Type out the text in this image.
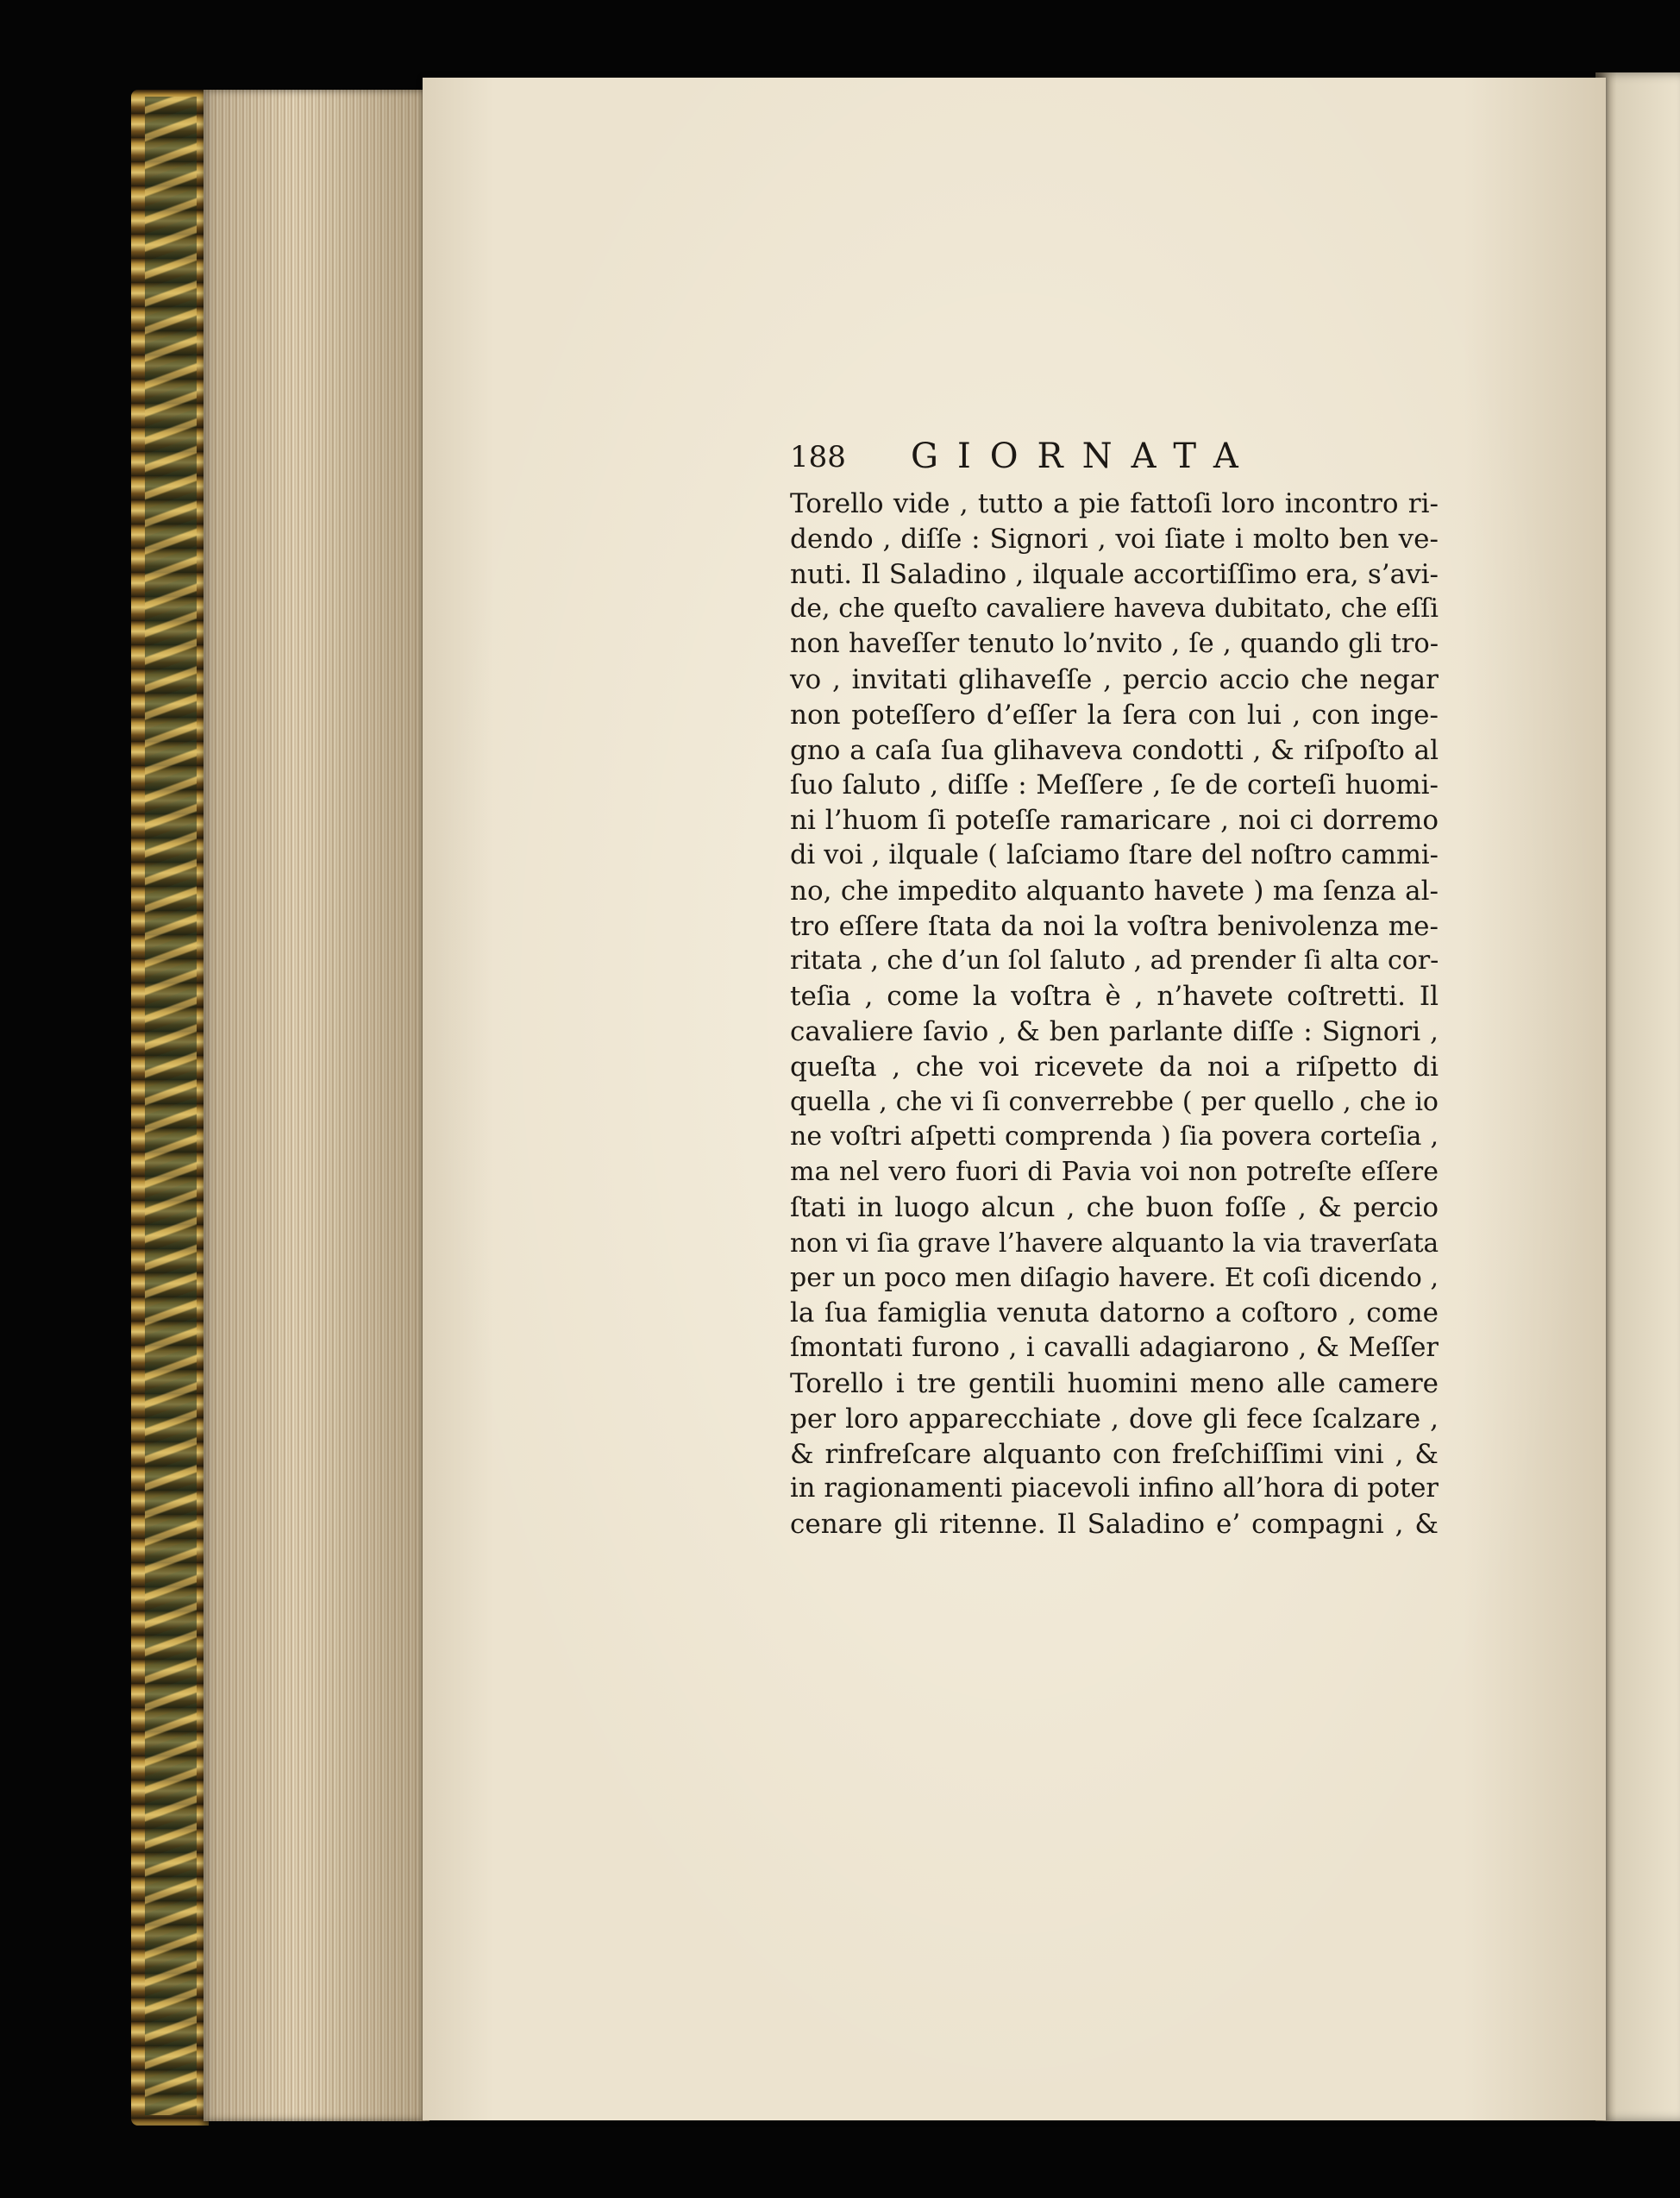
188 GIORNATA
Torello vide , tutto a pie fattoſi loro incontro ri-
dendo , diſſe : Signori , voi ſiate i molto ben ve-
nuti. Il Saladino , ilquale accortiſſimo era, s’avi-
de, che queſto cavaliere haveva dubitato, che eſſi
non haveſſer tenuto lo’nvito , ſe , quando gli tro-
vo , invitati glihaveſſe , percio accio che negar
non poteſſero d’eſſer la ſera con lui , con inge-
gno a caſa ſua glihaveva condotti , & riſpoſto al
ſuo ſaluto , diſſe : Meſſere , ſe de corteſi huomi-
ni l’huom ſi poteſſe ramaricare , noi ci dorremo
di voi , ilquale ( laſciamo ſtare del noſtro cammi-
no, che impedito alquanto havete ) ma ſenza al-
tro eſſere ſtata da noi la voſtra benivolenza me-
ritata , che d’un ſol ſaluto , ad prender ſi alta cor-
teſia , come la voſtra è , n’havete coſtretti. Il
cavaliere ſavio , & ben parlante diſſe : Signori ,
queſta , che voi ricevete da noi a riſpetto di
quella , che vi ſi converrebbe ( per quello , che io
ne voſtri aſpetti comprenda ) ſia povera corteſia ,
ma nel vero fuori di Pavia voi non potreſte eſſere
ſtati in luogo alcun , che buon foſſe , & percio
non vi ſia grave l’havere alquanto la via traverſata
per un poco men diſagio havere. Et coſi dicendo ,
la ſua famiglia venuta datorno a coſtoro , come
ſmontati furono , i cavalli adagiarono , & Meſſer
Torello i tre gentili huomini meno alle camere
per loro apparecchiate , dove gli fece ſcalzare ,
& rinfreſcare alquanto con freſchiſſimi vini , &
in ragionamenti piacevoli infino all’hora di poter
cenare gli ritenne. Il Saladino e’ compagni , &
